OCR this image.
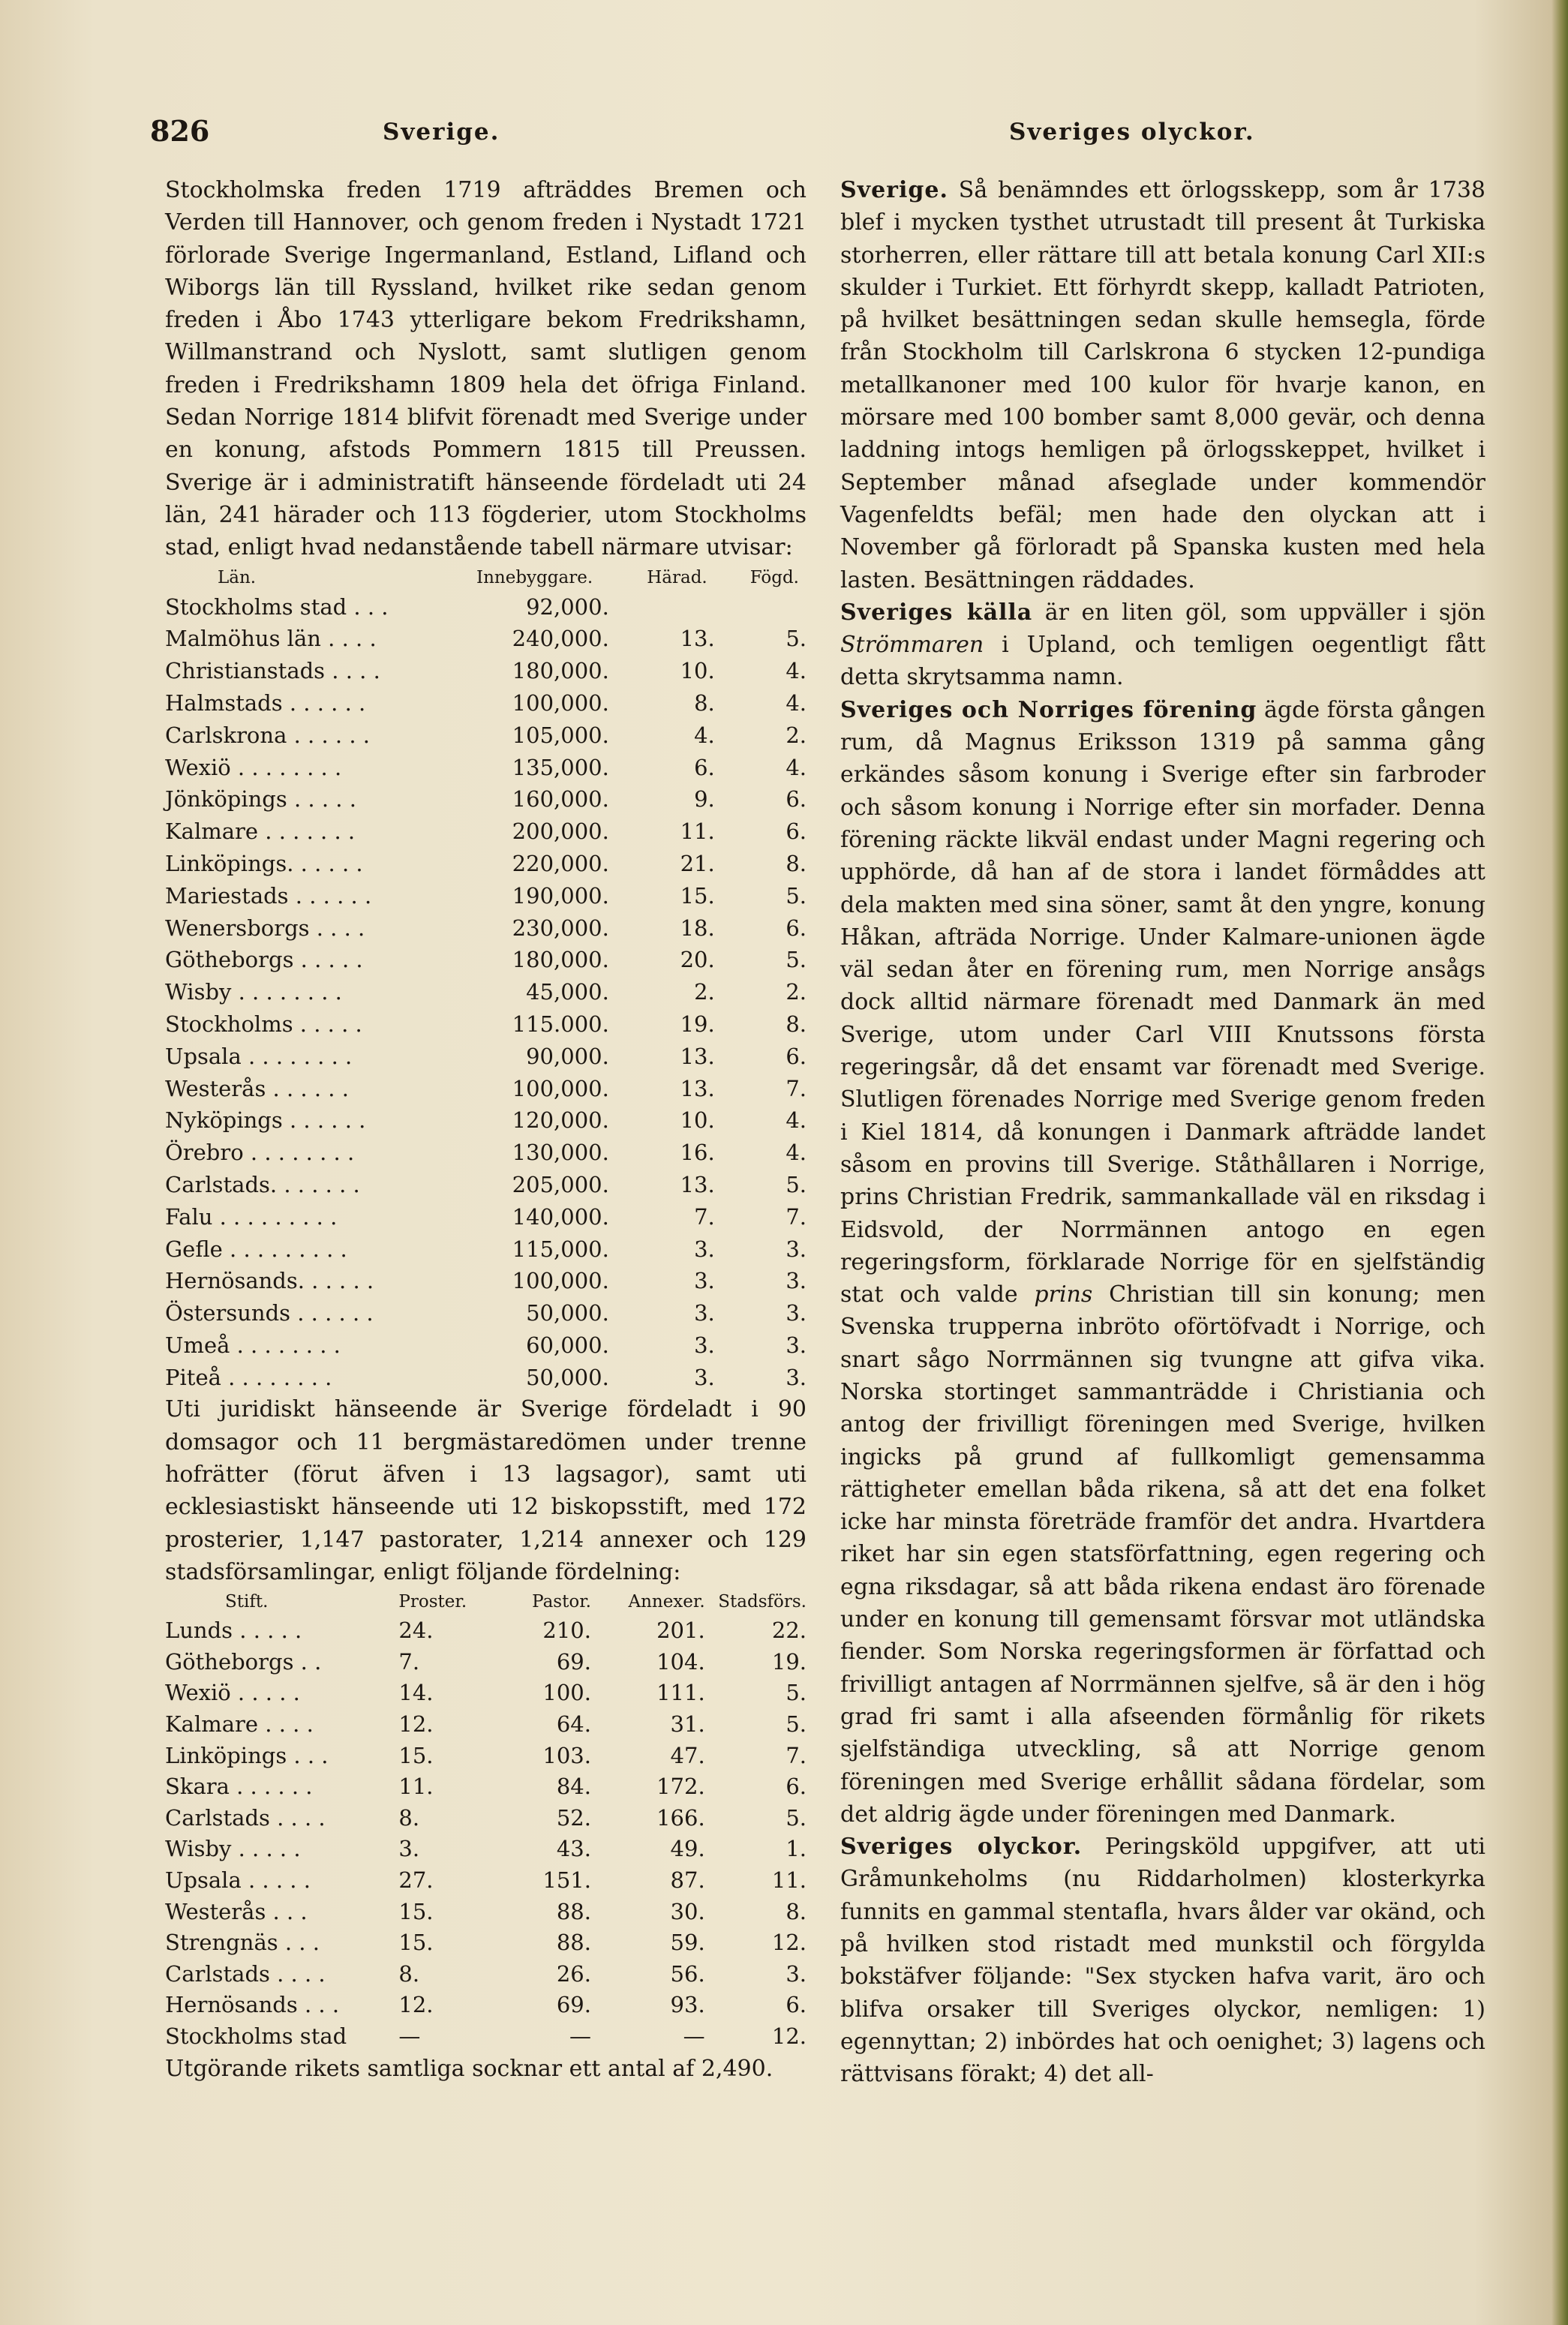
826	Sverige.	Sveriges olyckor.

Stockholmska freden 1719 afträddes Bremen och Verden till Hannover, och genom freden i Nystadt 1721 förlorade Sverige Ingermanland, Estland, Lifland och Wiborgs län till Ryssland, hvilket rike sedan genom freden i Åbo 1743 ytterligare bekom Fredrikshamn, Willmanstrand och Nyslott, samt slutligen genom freden i Fredrikshamn 1809 hela det öfriga Finland. Sedan Norrige 1814 blifvit förenadt med Sverige under en konung, afstods Pommern 1815 till Preussen. Sverige är i administratift hänseende fördeladt uti 24 län, 241 härader och 113 fögderier, utom Stockholms stad, enligt hvad nedanstående tabell närmare utvisar:

Län.	Innebyggare.	Härad.	Fögd.
Stockholms stad . . .	92,000.		
Malmöhus län . . . .	240,000.	13.	5.
Christianstads . . . .	180,000.	10.	4.
Halmstads . . . . . .	100,000.	8.	4.
Carlskrona . . . . . .	105,000.	4.	2.
Wexiö . . . . . . . .	135,000.	6.	4.
Jönköpings . . . . .	160,000.	9.	6.
Kalmare . . . . . . .	200,000.	11.	6.
Linköpings. . . . . .	220,000.	21.	8.
Mariestads . . . . . .	190,000.	15.	5.
Wenersborgs . . . .	230,000.	18.	6.
Götheborgs . . . . .	180,000.	20.	5.
Wisby . . . . . . . .	45,000.	2.	2.
Stockholms . . . . .	115.000.	19.	8.
Upsala . . . . . . . .	90,000.	13.	6.
Westerås . . . . . .	100,000.	13.	7.
Nyköpings . . . . . .	120,000.	10.	4.
Örebro . . . . . . . .	130,000.	16.	4.
Carlstads. . . . . . .	205,000.	13.	5.
Falu . . . . . . . . .	140,000.	7.	7.
Gefle . . . . . . . . .	115,000.	3.	3.
Hernösands. . . . . .	100,000.	3.	3.
Östersunds . . . . . .	50,000.	3.	3.
Umeå . . . . . . . .	60,000.	3.	3.
Piteå . . . . . . . .	50,000.	3.	3.

Uti juridiskt hänseende är Sverige fördeladt i 90 domsagor och 11 bergmästaredömen under trenne hofrätter (förut äfven i 13 lagsagor), samt uti ecklesiastiskt hänseende uti 12 biskopsstift, med 172 prosterier, 1,147 pastorater, 1,214 annexer och 129 stadsförsamlingar, enligt följande fördelning:

Stift.	Proster.	Pastor.	Annexer.	Stadsförs.
Lunds . . . . .	24.	210.	201.	22.
Götheborgs . .	7.	69.	104.	19.
Wexiö . . . . .	14.	100.	111.	5.
Kalmare . . . .	12.	64.	31.	5.
Linköpings . . .	15.	103.	47.	7.
Skara . . . . . .	11.	84.	172.	6.
Carlstads . . . .	8.	52.	166.	5.
Wisby . . . . .	3.	43.	49.	1.
Upsala . . . . .	27.	151.	87.	11.
Westerås . . .	15.	88.	30.	8.
Strengnäs . . .	15.	88.	59.	12.
Carlstads . . . .	8.	26.	56.	3.
Hernösands . . .	12.	69.	93.	6.
Stockholms stad	—	—	—	12.

Utgörande rikets samtliga socknar ett antal af 2,490.

Sverige. Så benämndes ett örlogsskepp, som år 1738 blef i mycken tysthet utrustadt till present åt Turkiska storherren, eller rättare till att betala konung Carl XII:s skulder i Turkiet. Ett förhyrdt skepp, kalladt Patrioten, på hvilket besättningen sedan skulle hemsegla, förde från Stockholm till Carlskrona 6 stycken 12-pundiga metallkanoner med 100 kulor för hvarje kanon, en mörsare med 100 bomber samt 8,000 gevär, och denna laddning intogs hemligen på örlogsskeppet, hvilket i September månad afseglade under kommendör Vagenfeldts befäl; men hade den olyckan att i November gå förloradt på Spanska kusten med hela lasten. Besättningen räddades.

Sveriges källa är en liten göl, som uppväller i sjön Strömmaren i Upland, och temligen oegentligt fått detta skrytsamma namn.

Sveriges och Norriges förening ägde första gången rum, då Magnus Eriksson 1319 på samma gång erkändes såsom konung i Sverige efter sin farbroder och såsom konung i Norrige efter sin morfader. Denna förening räckte likväl endast under Magni regering och upphörde, då han af de stora i landet förmåddes att dela makten med sina söner, samt åt den yngre, konung Håkan, afträda Norrige. Under Kalmare-unionen ägde väl sedan åter en förening rum, men Norrige ansågs dock alltid närmare förenadt med Danmark än med Sverige, utom under Carl VIII Knutssons första regeringsår, då det ensamt var förenadt med Sverige. Slutligen förenades Norrige med Sverige genom freden i Kiel 1814, då konungen i Danmark afträdde landet såsom en provins till Sverige. Ståthållaren i Norrige, prins Christian Fredrik, sammankallade väl en riksdag i Eidsvold, der Norrmännen antogo en egen regeringsform, förklarade Norrige för en sjelfständig stat och valde prins Christian till sin konung; men Svenska trupperna inbröto oförtöfvadt i Norrige, och snart sågo Norrmännen sig tvungne att gifva vika. Norska stortinget sammanträdde i Christiania och antog der frivilligt föreningen med Sverige, hvilken ingicks på grund af fullkomligt gemensamma rättigheter emellan båda rikena, så att det ena folket icke har minsta företräde framför det andra. Hvartdera riket har sin egen statsförfattning, egen regering och egna riksdagar, så att båda rikena endast äro förenade under en konung till gemensamt försvar mot utländska fiender. Som Norska regeringsformen är författad och frivilligt antagen af Norrmännen sjelfve, så är den i hög grad fri samt i alla afseenden förmånlig för rikets sjelfständiga utveckling, så att Norrige genom föreningen med Sverige erhållit sådana fördelar, som det aldrig ägde under föreningen med Danmark.

Sveriges olyckor. Peringsköld uppgifver, att uti Gråmunkeholms (nu Riddarholmen) klosterkyrka funnits en gammal stentafla, hvars ålder var okänd, och på hvilken stod ristadt med munkstil och förgylda bokstäfver följande: "Sex stycken hafva varit, äro och blifva orsaker till Sveriges olyckor, nemligen: 1) egennyttan; 2) inbördes hat och oenighet; 3) lagens och rättvisans förakt; 4) det all-
